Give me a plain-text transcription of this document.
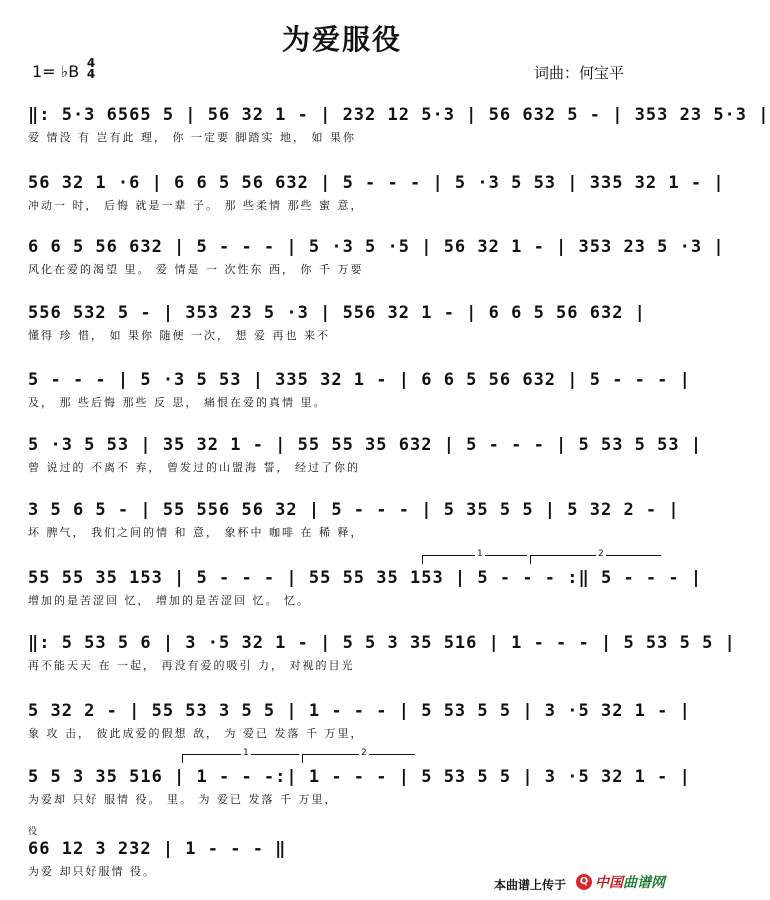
为爱服役
1= ♭B 4
4	词曲：何宝平
‖: 5·3 6565 5 | 56 32 1 - | 232 12 5·3 | 56 632 5 - | 353 23 5·3 |
爱 情没 有 岂有此 理， 你 一定要 脚踏实 地， 如 果你
56 32 1 ·6 | 6 6 5 56 632 | 5 - - - | 5 ·3 5 53 | 335 32 1 - |
冲动一 时， 后悔 就是一辈 子。 那 些柔情 那些 蜜 意，
6 6 5 56 632 | 5 - - - | 5 ·3 5 ·5 | 56 32 1 - | 353 23 5 ·3 |
风化在爱的渴望 里。 爱 情是 一 次性东 西， 你 千 万要
556 532 5 - | 353 23 5 ·3 | 556 32 1 - | 6 6 5 56 632 |
懂得 珍 惜， 如 果你 随便 一次， 想 爱 再也 来不
5 - - - | 5 ·3 5 53 | 335 32 1 - | 6 6 5 56 632 | 5 - - - |
及， 那 些后悔 那些 反 思， 痛恨在爱的真情 里。
5 ·3 5 53 | 35 32 1 - | 55 55 35 632 | 5 - - - | 5 53 5 53 |
曾 说过的 不离不 弃， 曾发过的山盟海 誓， 经过了你的
3 5 6 5 - | 55 556 56 32 | 5 - - - | 5 35 5 5 | 5 32 2 - |
坏 脾气， 我们之间的情 和 意， 象杯中 咖啡 在 稀 释，
1	2
55 55 35 153 | 5 - - - | 55 55 35 153 | 5 - - - :‖ 5 - - - |
增加的是苦涩回 忆， 增加的是苦涩回 忆。 忆。
‖: 5 53 5 6 | 3 ·5 32 1 - | 5 5 3 35 516 | 1 - - - | 5 53 5 5 |
再不能天天 在 一起， 再没有爱的吸引 力， 对视的目光
5 32 2 - | 55 53 3 5 5 | 1 - - - | 5 53 5 5 | 3 ·5 32 1 - |
象 攻 击， 彼此成爱的假想 敌， 为 爱已 发落 千 万里，
1	2
5 5 3 35 516 | 1 - - -:| 1 - - - | 5 53 5 5 | 3 ·5 32 1 - |
为爱却 只好 服情 役。 里。 为 爱已 发落 千 万里，
役
66 12 3 232 | 1 - - - ‖
为爱 却只好服情 役。
本曲谱上传于	Q 中国曲谱网
